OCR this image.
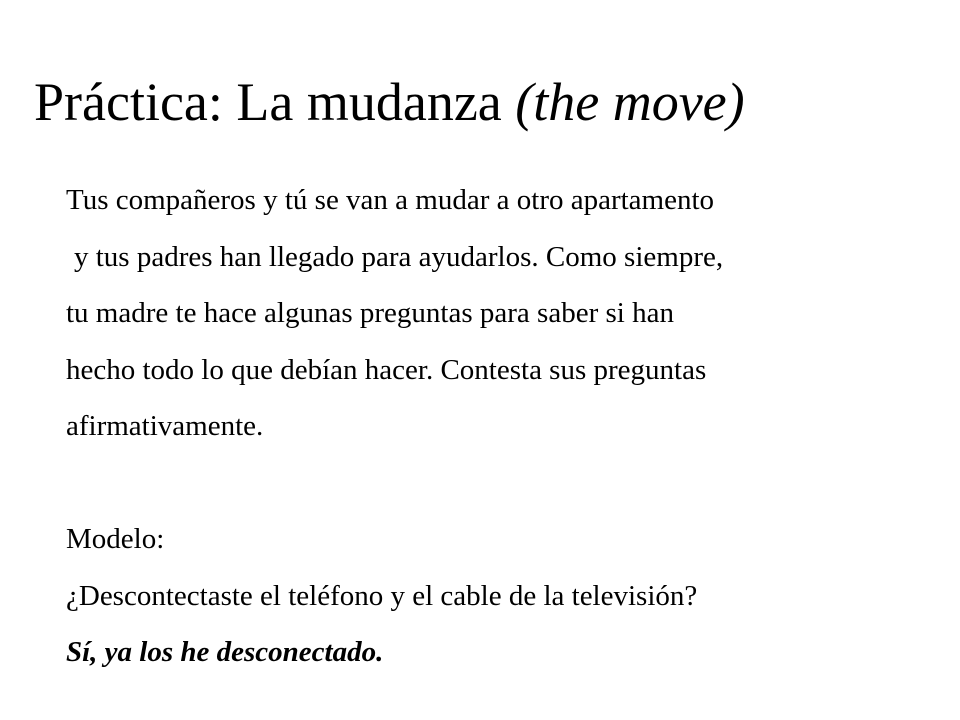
Práctica: La mudanza (the move)
Tus compañeros y tú se van a mudar a otro apartamento
y tus padres han llegado para ayudarlos. Como siempre,
tu madre te hace algunas preguntas para saber si han
hecho todo lo que debían hacer. Contesta sus preguntas
afirmativamente.
Modelo:
¿Descontectaste el teléfono y el cable de la televisión?
Sí, ya los he desconectado.
